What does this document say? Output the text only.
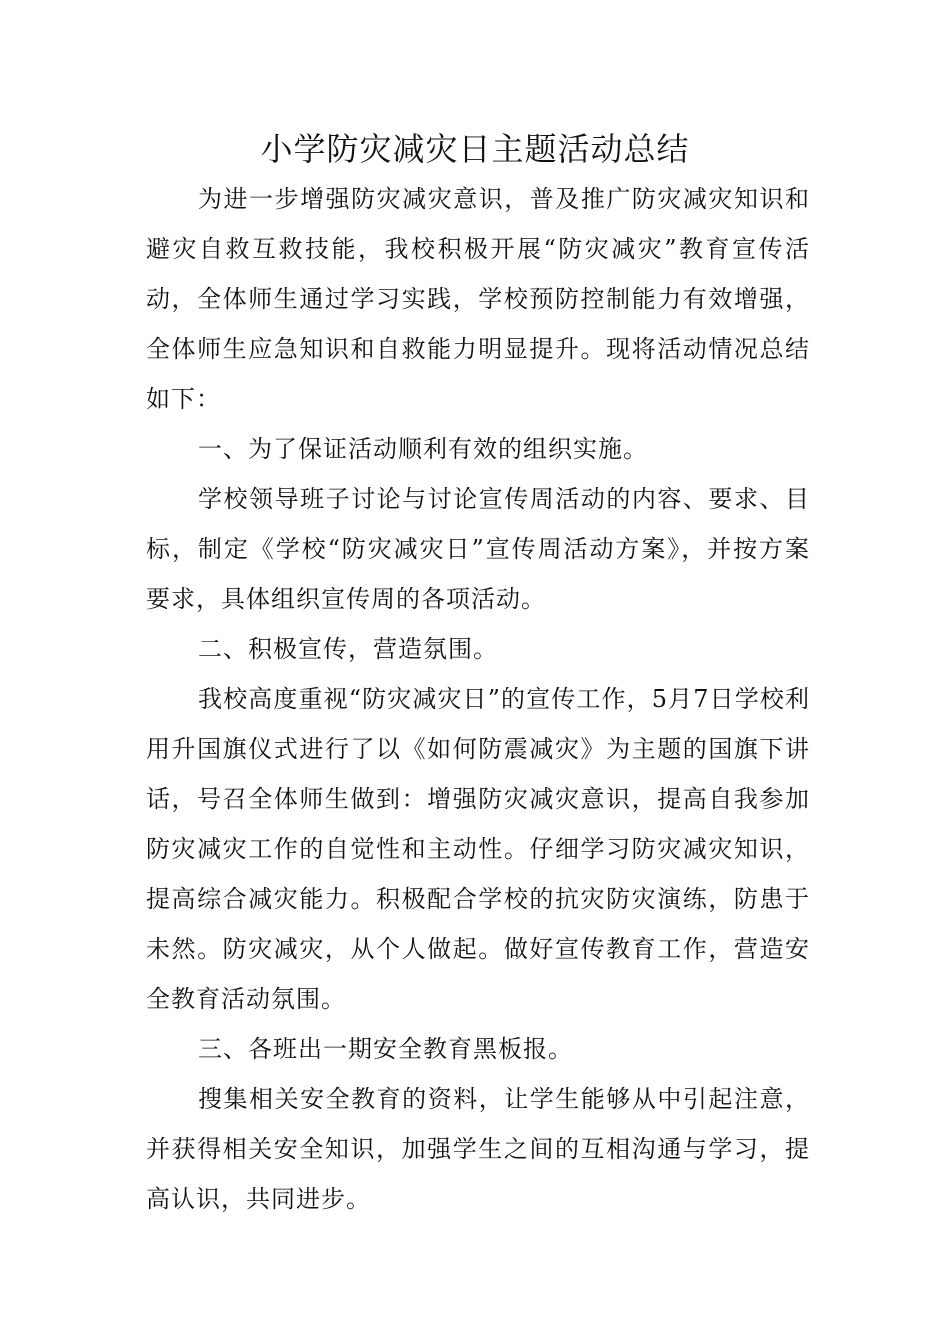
小学防灾减灾日主题活动总结

为进一步增强防灾减灾意识，普及推广防灾减灾知识和避灾自救互救技能，我校积极开展“防灾减灾”教育宣传活动，全体师生通过学习实践，学校预防控制能力有效增强，全体师生应急知识和自救能力明显提升。现将活动情况总结如下：

一、为了保证活动顺利有效的组织实施。

学校领导班子讨论与讨论宣传周活动的内容、要求、目标，制定《学校“防灾减灾日”宣传周活动方案》，并按方案要求，具体组织宣传周的各项活动。

二、积极宣传，营造氛围。

我校高度重视“防灾减灾日”的宣传工作，5月7日学校利用升国旗仪式进行了以《如何防震减灾》为主题的国旗下讲话，号召全体师生做到：增强防灾减灾意识，提高自我参加防灾减灾工作的自觉性和主动性。仔细学习防灾减灾知识，提高综合减灾能力。积极配合学校的抗灾防灾演练，防患于未然。防灾减灾，从个人做起。做好宣传教育工作，营造安全教育活动氛围。

三、各班出一期安全教育黑板报。

搜集相关安全教育的资料，让学生能够从中引起注意，并获得相关安全知识，加强学生之间的互相沟通与学习，提高认识，共同进步。
